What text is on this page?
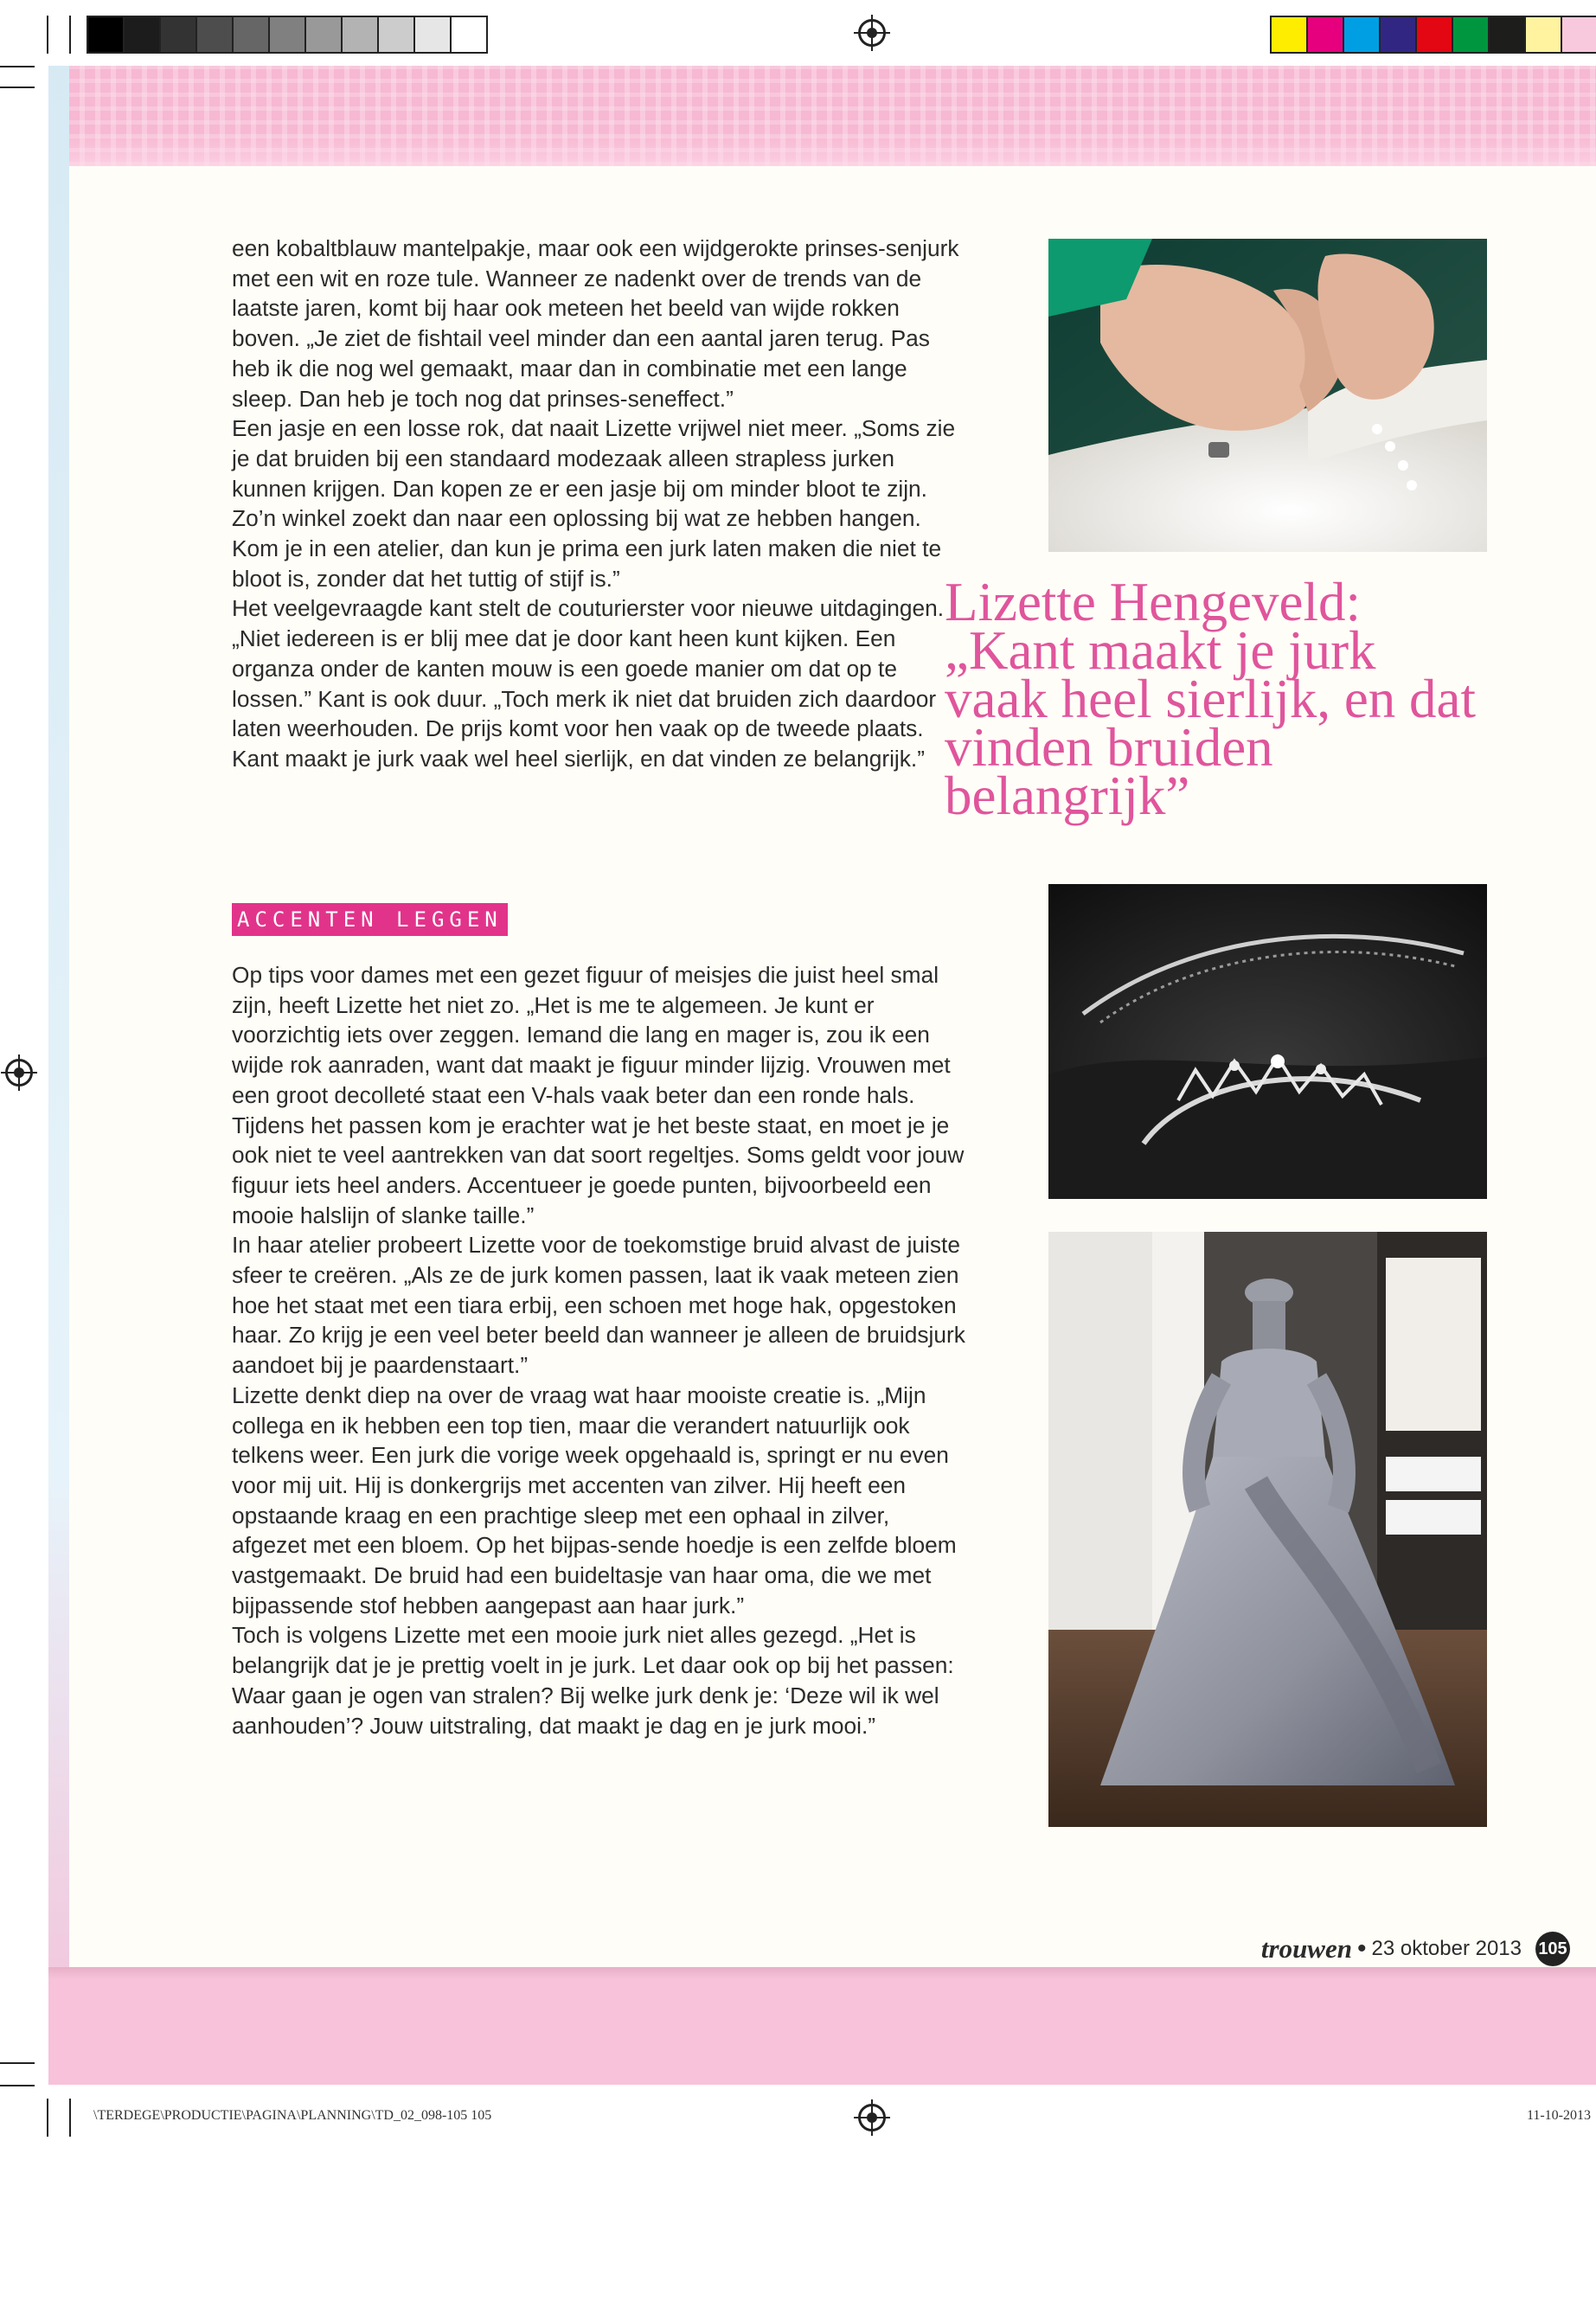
een kobaltblauw mantelpakje, maar ook een wijdgerokte prinses-senjurk met een wit en roze tule. Wanneer ze nadenkt over de trends van de laatste jaren, komt bij haar ook meteen het beeld van wijde rokken boven. „Je ziet de fishtail veel minder dan een aantal jaren terug. Pas heb ik die nog wel gemaakt, maar dan in combinatie met een lange sleep. Dan heb je toch nog dat prinses-seneffect.”

Een jasje en een losse rok, dat naait Lizette vrijwel niet meer. „Soms zie je dat bruiden bij een standaard modezaak alleen strapless jurken kunnen krijgen. Dan kopen ze er een jasje bij om minder bloot te zijn. Zo’n winkel zoekt dan naar een oplossing bij wat ze hebben hangen. Kom je in een atelier, dan kun je prima een jurk laten maken die niet te bloot is, zonder dat het tuttig of stijf is.”

Het veelgevraagde kant stelt de couturierster voor nieuwe uitdagingen. „Niet iedereen is er blij mee dat je door kant heen kunt kijken. Een organza onder de kanten mouw is een goede manier om dat op te lossen.” Kant is ook duur. „Toch merk ik niet dat bruiden zich daardoor laten weerhouden. De prijs komt voor hen vaak op de tweede plaats. Kant maakt je jurk vaak wel heel sierlijk, en dat vinden ze belangrijk.”

ACCENTEN LEGGEN

Op tips voor dames met een gezet figuur of meisjes die juist heel smal zijn, heeft Lizette het niet zo. „Het is me te algemeen. Je kunt er voorzichtig iets over zeggen. Iemand die lang en mager is, zou ik een wijde rok aanraden, want dat maakt je figuur minder lijzig. Vrouwen met een groot decolleté staat een V-hals vaak beter dan een ronde hals. Tijdens het passen kom je erachter wat je het beste staat, en moet je je ook niet te veel aantrekken van dat soort regeltjes. Soms geldt voor jouw figuur iets heel anders. Accentueer je goede punten, bijvoorbeeld een mooie halslijn of slanke taille.”

In haar atelier probeert Lizette voor de toekomstige bruid alvast de juiste sfeer te creëren. „Als ze de jurk komen passen, laat ik vaak meteen zien hoe het staat met een tiara erbij, een schoen met hoge hak, opgestoken haar. Zo krijg je een veel beter beeld dan wanneer je alleen de bruidsjurk aandoet bij je paardenstaart.”

Lizette denkt diep na over de vraag wat haar mooiste creatie is. „Mijn collega en ik hebben een top tien, maar die verandert natuurlijk ook telkens weer. Een jurk die vorige week opgehaald is, springt er nu even voor mij uit. Hij is donkergrijs met accenten van zilver. Hij heeft een opstaande kraag en een prachtige sleep met een ophaal in zilver, afgezet met een bloem. Op het bijpas-sende hoedje is een zelfde bloem vastgemaakt. De bruid had een buideltasje van haar oma, die we met bijpassende stof hebben aangepast aan haar jurk.”

Toch is volgens Lizette met een mooie jurk niet alles gezegd. „Het is belangrijk dat je je prettig voelt in je jurk. Let daar ook op bij het passen: Waar gaan je ogen van stralen? Bij welke jurk denk je: ‘Deze wil ik wel aanhouden’? Jouw uitstraling, dat maakt je dag en je jurk mooi.”

Lizette Hengeveld: „Kant maakt je jurk vaak heel sierlijk, en dat vinden bruiden belangrijk”
trouwen • 23 oktober 2013 105
\TERDEGE\PRODUCTIE\PAGINA\PLANNING\TD_02_098-105 105	11-10-2013
